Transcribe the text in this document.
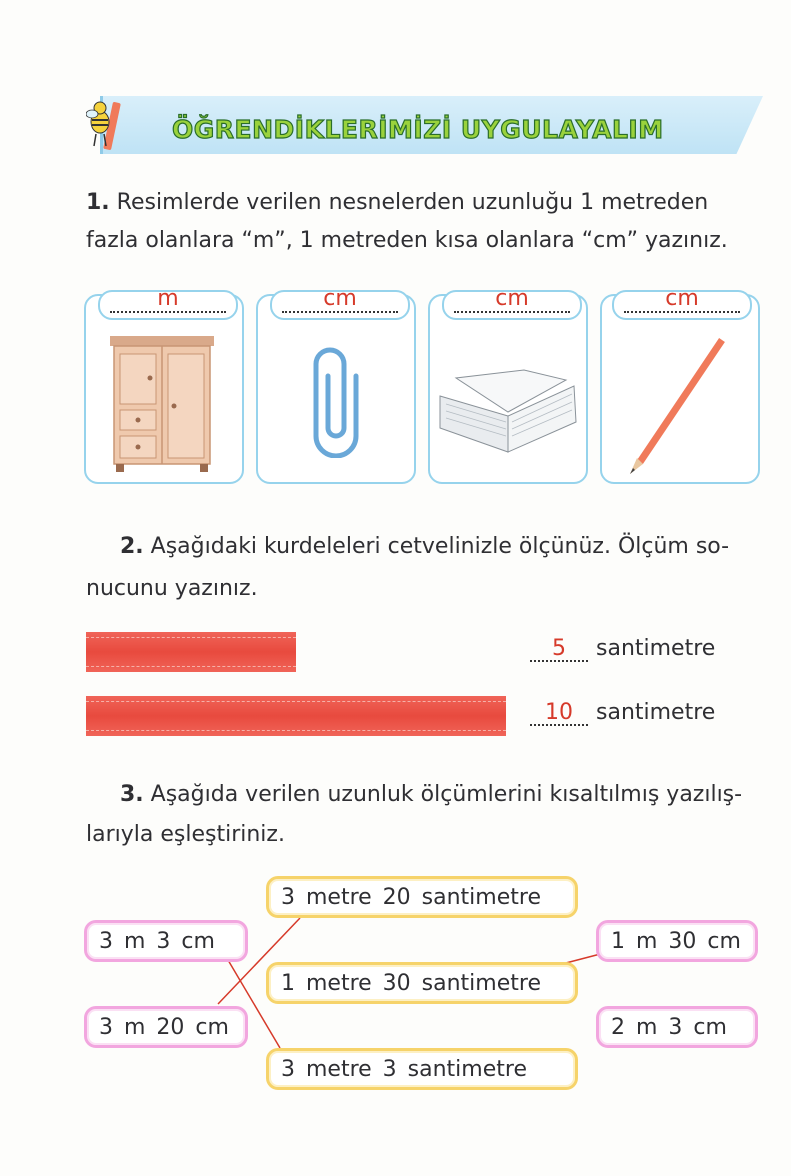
ÖĞRENDİKLERİMİZİ UYGULAYALIM
1. Resimlerde verilen nesnelerden uzunluğu 1 metreden
fazla olanlara “m”, 1 metreden kısa olanlara “cm” yazınız.
m	cm	cm	cm
2. Aşağıdaki kurdeleleri cetvelinizle ölçünüz. Ölçüm so-
nucunu yazınız.
5 santimetre
10 santimetre
3. Aşağıda verilen uzunluk ölçümlerini kısaltılmış yazılış-
larıyla eşleştiriniz.
3 m 3 cm
3 m 20 cm
3 metre 20 santimetre
1 metre 30 santimetre
3 metre 3 santimetre
1 m 30 cm
2 m 3 cm
